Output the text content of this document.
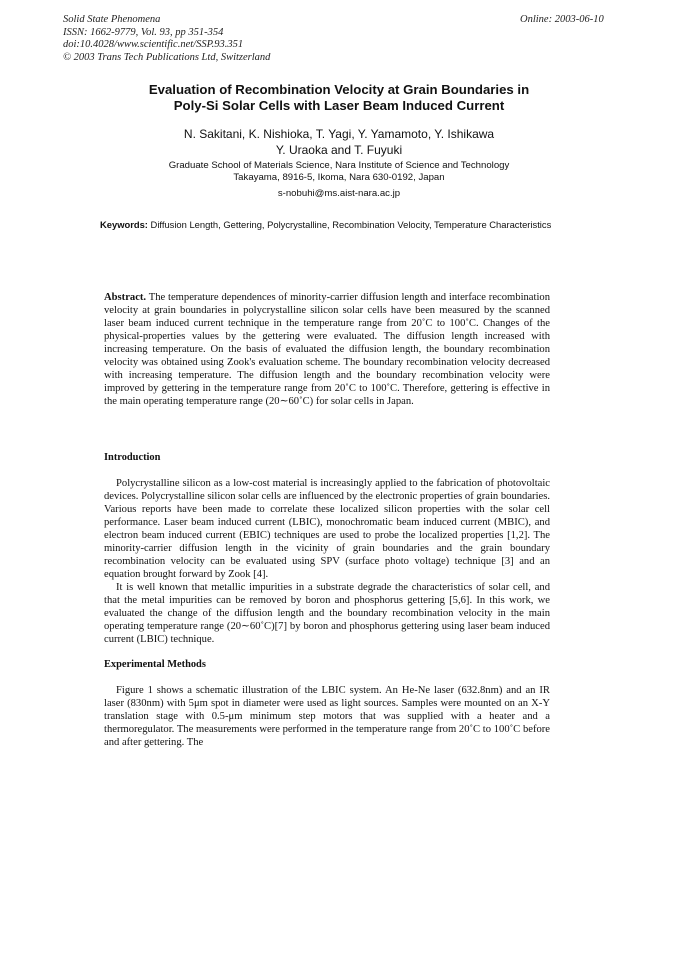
Solid State Phenomena
ISSN: 1662-9779, Vol. 93, pp 351-354
doi:10.4028/www.scientific.net/SSP.93.351
© 2003 Trans Tech Publications Ltd, Switzerland
Online: 2003-06-10
Evaluation of Recombination Velocity at Grain Boundaries in
Poly-Si Solar Cells with Laser Beam Induced Current
N. Sakitani, K. Nishioka, T. Yagi, Y. Yamamoto, Y. Ishikawa
Y. Uraoka and T. Fuyuki
Graduate School of Materials Science, Nara Institute of Science and Technology
Takayama, 8916-5, Ikoma, Nara 630-0192, Japan
s-nobuhi@ms.aist-nara.ac.jp
Keywords: Diffusion Length, Gettering, Polycrystalline, Recombination Velocity, Temperature Characteristics

Abstract. The temperature dependences of minority-carrier diffusion length and interface recombination velocity at grain boundaries in polycrystalline silicon solar cells have been measured by the scanned laser beam induced current technique in the temperature range from 20˚C to 100˚C. Changes of the physical-properties values by the gettering were evaluated. The diffusion length increased with increasing temperature. On the basis of evaluated the diffusion length, the boundary recombination velocity was obtained using Zook's evaluation scheme. The boundary recombination velocity decreased with increasing temperature. The diffusion length and the boundary recombination velocity were improved by gettering in the temperature range from 20˚C to 100˚C. Therefore, gettering is effective in the main operating temperature range (20∼60˚C) for solar cells in Japan.

Introduction

Polycrystalline silicon as a low-cost material is increasingly applied to the fabrication of photovoltaic devices. Polycrystalline silicon solar cells are influenced by the electronic properties of grain boundaries. Various reports have been made to correlate these localized silicon properties with the solar cell performance. Laser beam induced current (LBIC), monochromatic beam induced current (MBIC), and electron beam induced current (EBIC) techniques are used to probe the localized properties [1,2]. The minority-carrier diffusion length in the vicinity of grain boundaries and the grain boundary recombination velocity can be evaluated using SPV (surface photo voltage) technique [3] and an equation brought forward by Zook [4].

It is well known that metallic impurities in a substrate degrade the characteristics of solar cell, and that the metal impurities can be removed by boron and phosphorus gettering [5,6]. In this work, we evaluated the change of the diffusion length and the boundary recombination velocity in the main operating temperature range (20∼60˚C)[7] by boron and phosphorus gettering using laser beam induced current (LBIC) technique.

Experimental Methods

Figure 1 shows a schematic illustration of the LBIC system. An He-Ne laser (632.8nm) and an IR laser (830nm) with 5μm spot in diameter were used as light sources. Samples were mounted on an X-Y translation stage with 0.5-μm minimum step motors that was supplied with a heater and a thermoregulator. The measurements were performed in the temperature range from 20˚C to 100˚C before and after gettering. The
